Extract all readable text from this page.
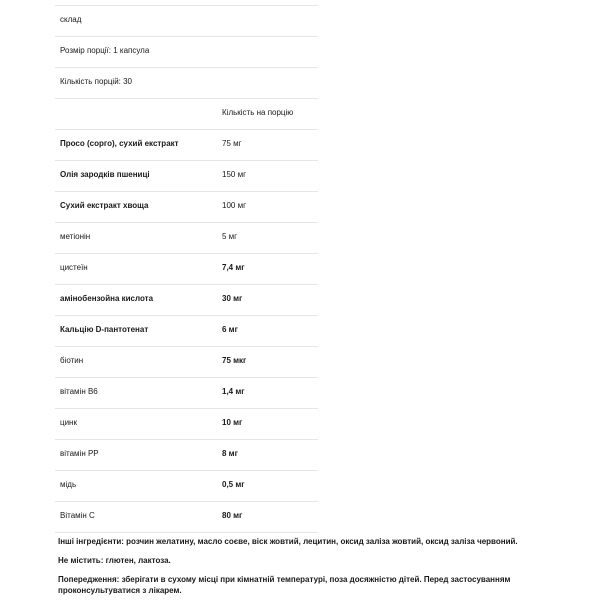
склад
Розмір порції: 1 капсула
Кількість порцій: 30
Кількість на порцію
Просо (сорго), сухий екстракт	75 мг
Олія зародків пшениці	150 мг
Сухий екстракт хвоща	100 мг
метіонін	5 мг
цистеїн	7,4 мг
амінобензойна кислота	30 мг
Кальцію D-пантотенат	6 мг
біотин	75 мкг
вітамін В6	1,4 мг
цинк	10 мг
вітамін PP	8 мг
мідь	0,5 мг
Вітамін С	80 мг

Інші інгредієнти: розчин желатину, масло соєве, віск жовтий, лецитин, оксид заліза жовтий, оксид заліза червоний.

Не містить: глютен, лактоза.

Попередження: зберігати в сухому місці при кімнатній температурі, поза досяжністю дітей. Перед застосуванням проконсультуватися з лікарем.
